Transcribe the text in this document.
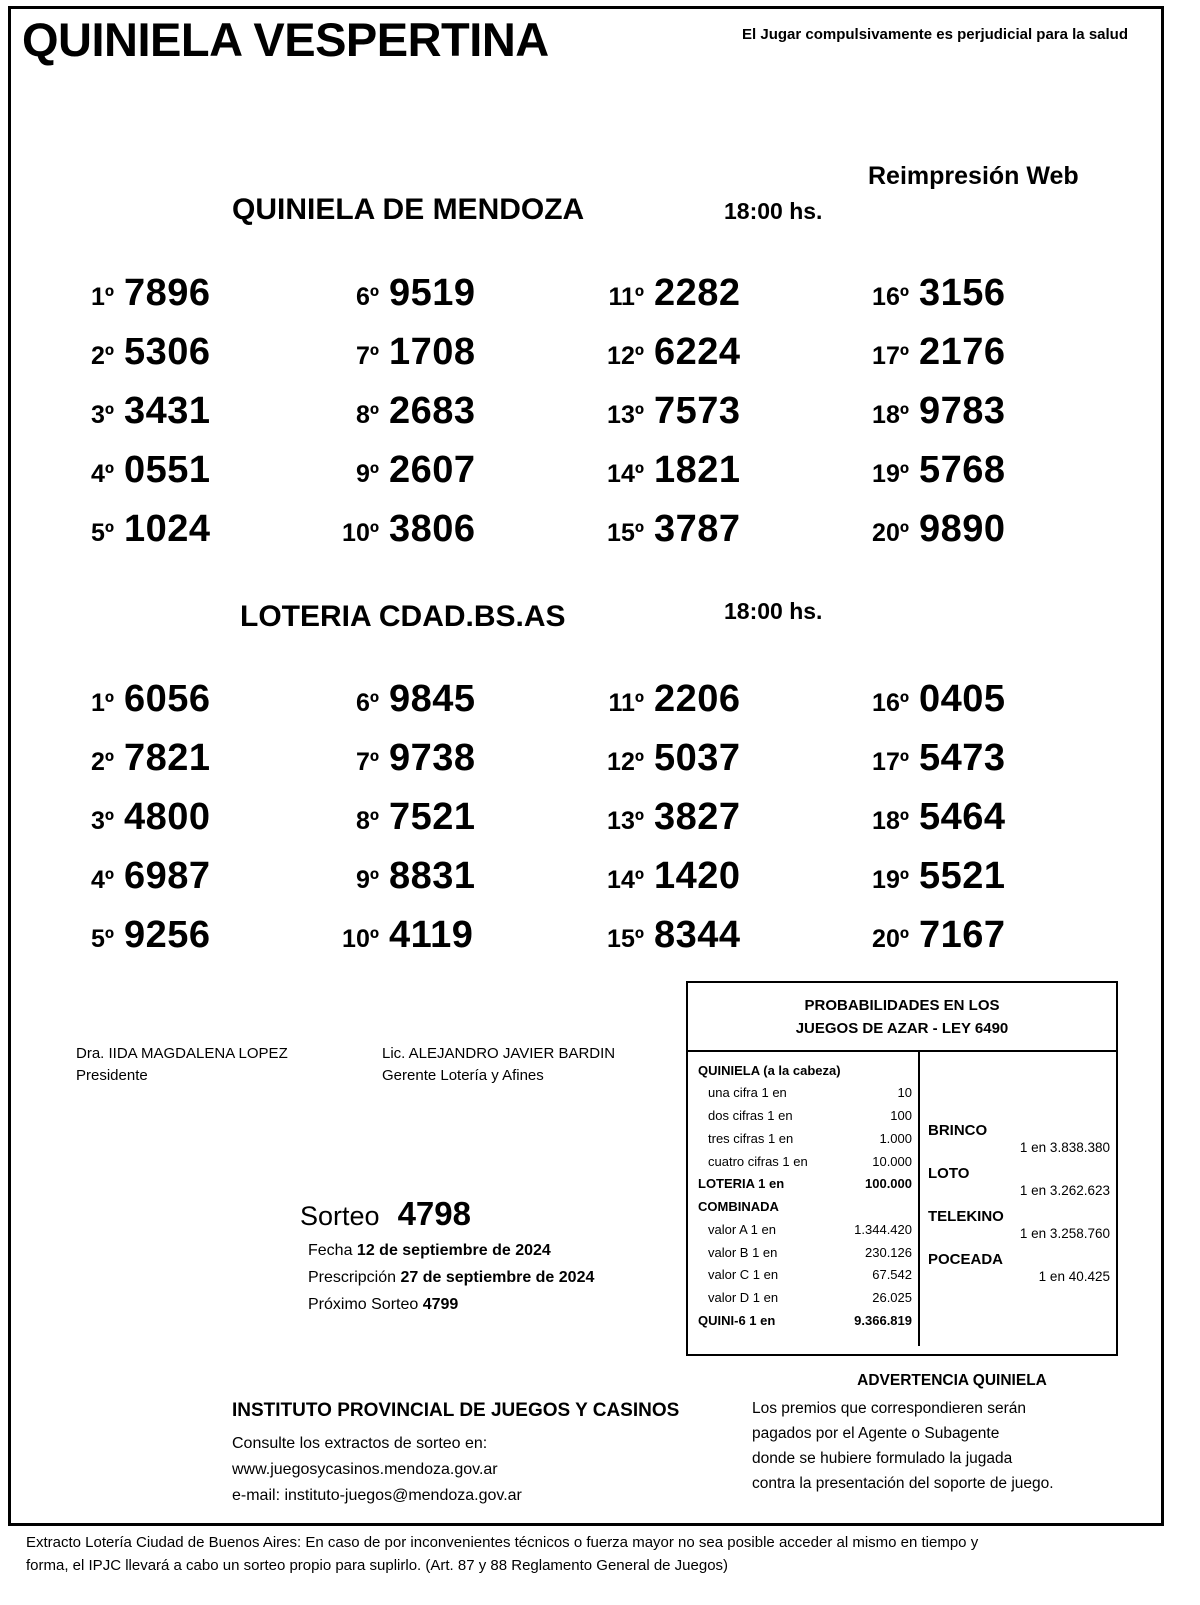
QUINIELA VESPERTINA	El Jugar compulsivamente es perjudicial para la salud
Reimpresión Web
QUINIELA DE MENDOZA	18:00 hs.
1º 7896	6º 9519	11º 2282	16º 3156
2º 5306	7º 1708	12º 6224	17º 2176
3º 3431	8º 2683	13º 7573	18º 9783
4º 0551	9º 2607	14º 1821	19º 5768
5º 1024	10º 3806	15º 3787	20º 9890
LOTERIA CDAD.BS.AS	18:00 hs.
1º 6056	6º 9845	11º 2206	16º 0405
2º 7821	7º 9738	12º 5037	17º 5473
3º 4800	8º 7521	13º 3827	18º 5464
4º 6987	9º 8831	14º 1420	19º 5521
5º 9256	10º 4119	15º 8344	20º 7167
Dra. IIDA MAGDALENA LOPEZ
Presidente
Lic. ALEJANDRO JAVIER BARDIN
Gerente Lotería y Afines
Sorteo 4798
Fecha 12 de septiembre de 2024
Prescripción 27 de septiembre de 2024
Próximo Sorteo 4799
INSTITUTO PROVINCIAL DE JUEGOS Y CASINOS
Consulte los extractos de sorteo en:
www.juegosycasinos.mendoza.gov.ar
e-mail: instituto-juegos@mendoza.gov.ar
PROBABILIDADES EN LOS
JUEGOS DE AZAR - LEY 6490
QUINIELA (a la cabeza)
una cifra 1 en	10
dos cifras 1 en	100
tres cifras 1 en	1.000
cuatro cifras 1 en	10.000
LOTERIA 1 en	100.000
COMBINADA
valor A 1 en	1.344.420
valor B 1 en	230.126
valor C 1 en	67.542
valor D 1 en	26.025
QUINI-6 1 en	9.366.819
BRINCO
1 en 3.838.380
LOTO
1 en 3.262.623
TELEKINO
1 en 3.258.760
POCEADA
1 en 40.425
ADVERTENCIA QUINIELA
Los premios que correspondieren serán
pagados por el Agente o Subagente
donde se hubiere formulado la jugada
contra la presentación del soporte de juego.
Extracto Lotería Ciudad de Buenos Aires: En caso de por inconvenientes técnicos o fuerza mayor no sea posible acceder al mismo en tiempo y
forma, el IPJC llevará a cabo un sorteo propio para suplirlo. (Art. 87 y 88 Reglamento General de Juegos)
